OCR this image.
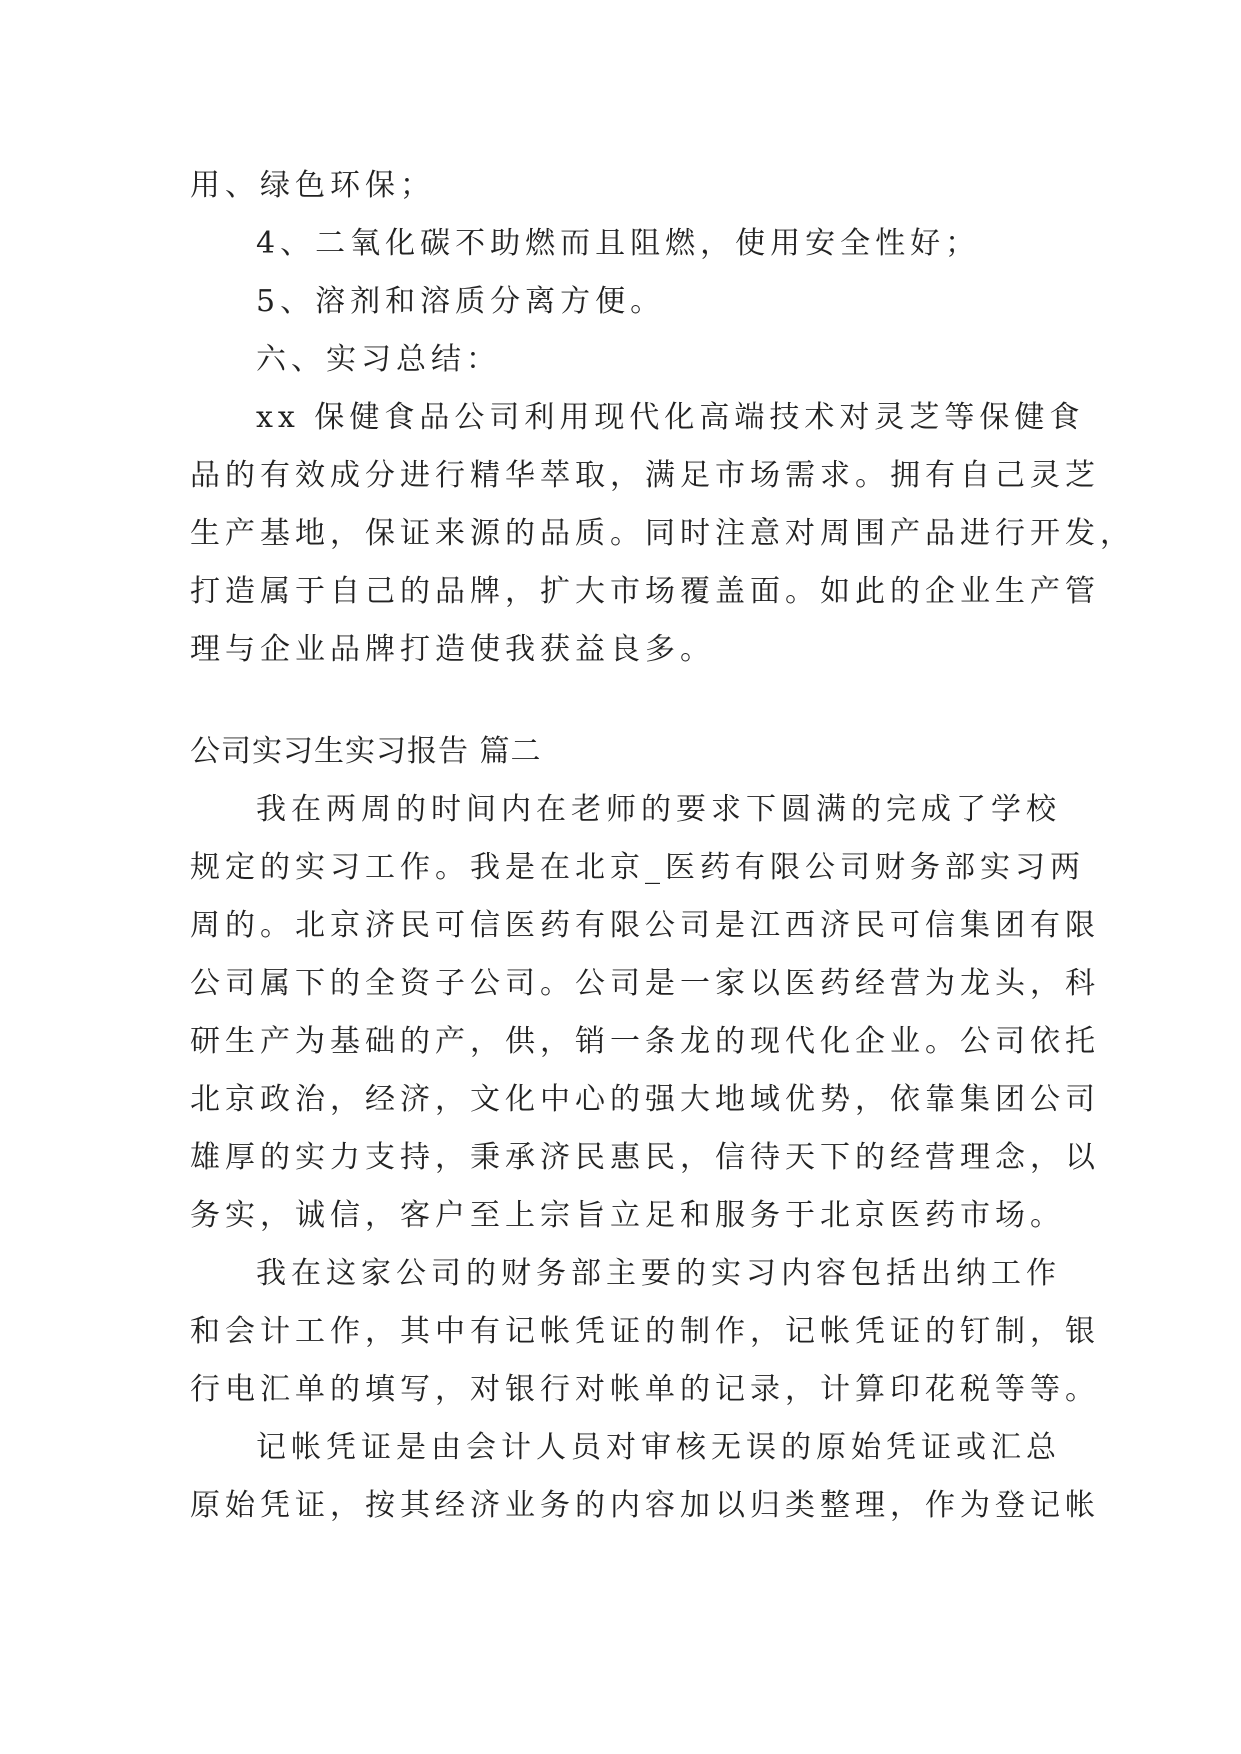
用、绿色环保；
4、二氧化碳不助燃而且阻燃，使用安全性好；
5、溶剂和溶质分离方便。
六、实习总结：
xx 保健食品公司利用现代化高端技术对灵芝等保健食
品的有效成分进行精华萃取，满足市场需求。拥有自己灵芝
生产基地，保证来源的品质。同时注意对周围产品进行开发，
打造属于自己的品牌，扩大市场覆盖面。如此的企业生产管
理与企业品牌打造使我获益良多。
公司实习生实习报告 篇二
我在两周的时间内在老师的要求下圆满的完成了学校
规定的实习工作。我是在北京_医药有限公司财务部实习两
周的。北京济民可信医药有限公司是江西济民可信集团有限
公司属下的全资子公司。公司是一家以医药经营为龙头，科
研生产为基础的产，供，销一条龙的现代化企业。公司依托
北京政治，经济，文化中心的强大地域优势，依靠集团公司
雄厚的实力支持，秉承济民惠民，信待天下的经营理念，以
务实，诚信，客户至上宗旨立足和服务于北京医药市场。
我在这家公司的财务部主要的实习内容包括出纳工作
和会计工作，其中有记帐凭证的制作，记帐凭证的钉制，银
行电汇单的填写，对银行对帐单的记录，计算印花税等等。
记帐凭证是由会计人员对审核无误的原始凭证或汇总
原始凭证，按其经济业务的内容加以归类整理，作为登记帐
